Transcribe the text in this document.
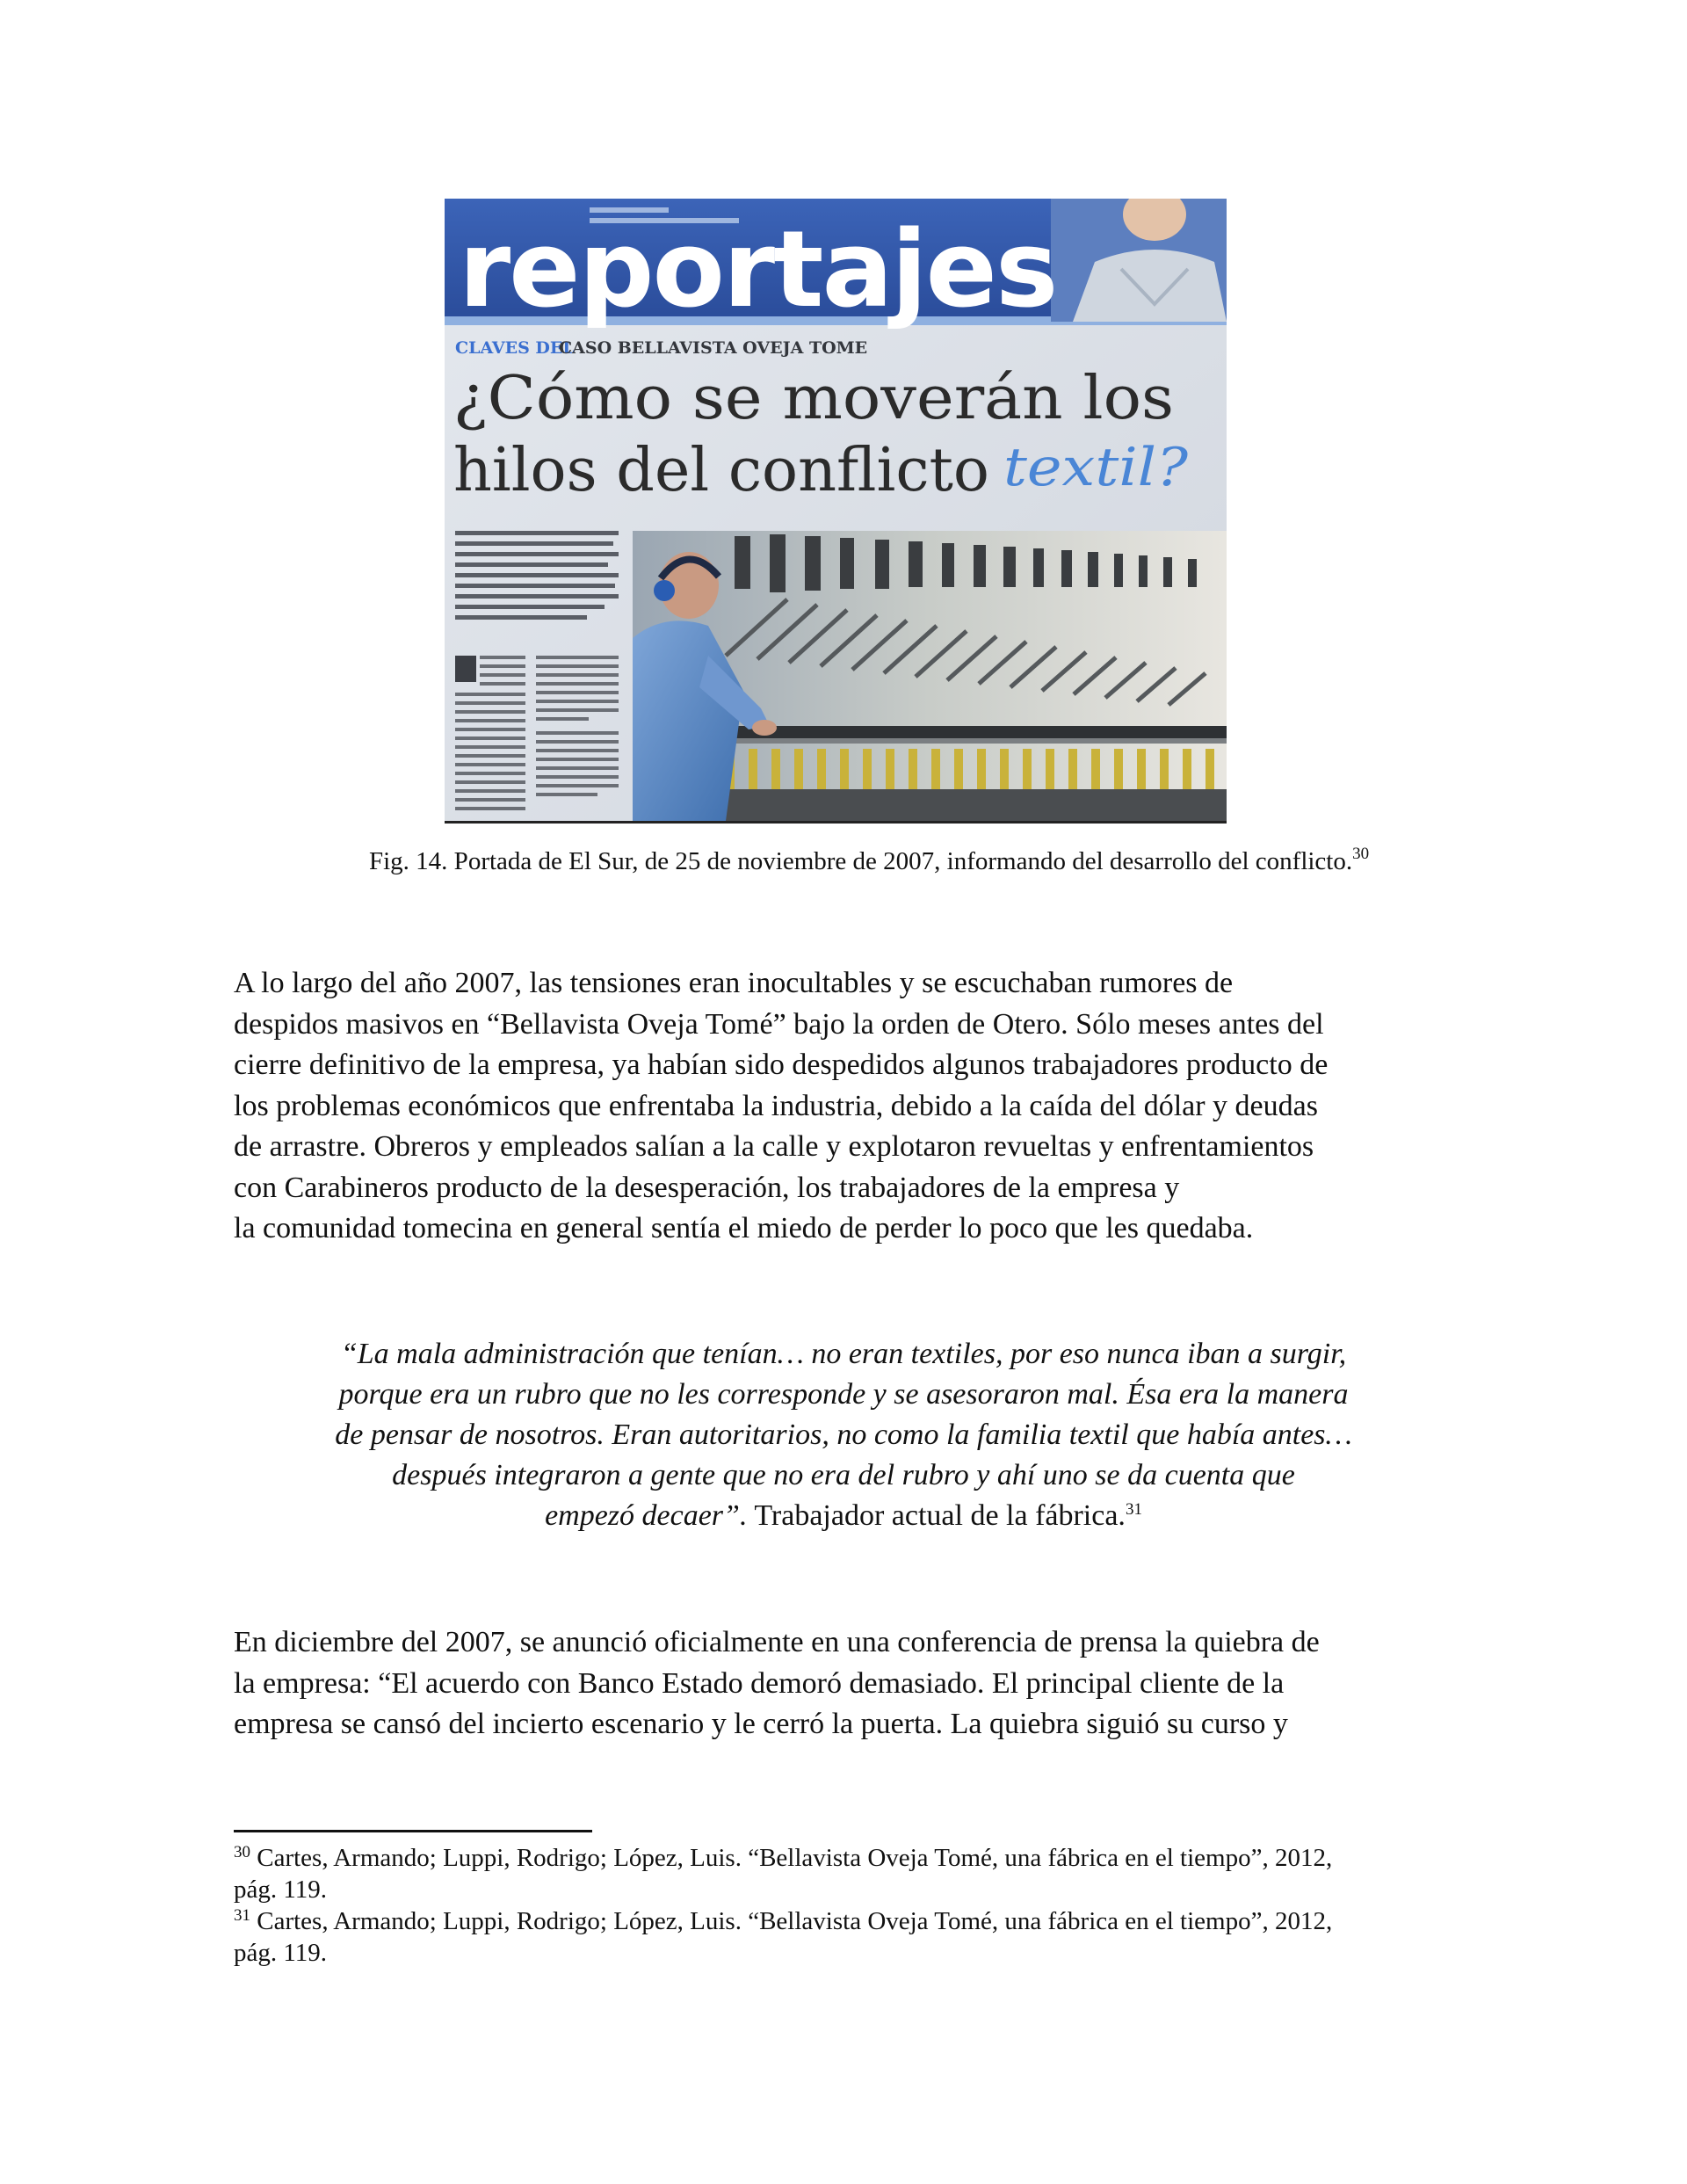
reportajes
CLAVES DEL
CASO BELLAVISTA OVEJA TOME
¿Cómo se moverán los
hilos del conflicto textil?
Fig. 14. Portada de El Sur, de 25 de noviembre de 2007, informando del desarrollo del conflicto.$^{30}$
A lo largo del año 2007, las tensiones eran inocultables y se escuchaban rumores de
despidos masivos en “Bellavista Oveja Tomé” bajo la orden de Otero. Sólo meses antes del
cierre definitivo de la empresa, ya habían sido despedidos algunos trabajadores producto de
los problemas económicos que enfrentaba la industria, debido a la caída del dólar y deudas
de arrastre. Obreros y empleados salían a la calle y explotaron revueltas y enfrentamientos
con Carabineros producto de la desesperación, los trabajadores de la empresa y
la comunidad tomecina en general sentía el miedo de perder lo poco que les quedaba.
“La mala administración que tenían… no eran textiles, por eso nunca iban a surgir,
porque era un rubro que no les corresponde y se asesoraron mal. Ésa era la manera
de pensar de nosotros. Eran autoritarios, no como la familia textil que había antes…
después integraron a gente que no era del rubro y ahí uno se da cuenta que
empezó decaer”. Trabajador actual de la fábrica.$^{31}$
En diciembre del 2007, se anunció oficialmente en una conferencia de prensa la quiebra de
la empresa: “El acuerdo con Banco Estado demoró demasiado. El principal cliente de la
empresa se cansó del incierto escenario y le cerró la puerta. La quiebra siguió su curso y
$^{30}$ Cartes, Armando; Luppi, Rodrigo; López, Luis. “Bellavista Oveja Tomé, una fábrica en el tiempo”, 2012,
pág. 119.
$^{31}$ Cartes, Armando; Luppi, Rodrigo; López, Luis. “Bellavista Oveja Tomé, una fábrica en el tiempo”, 2012,
pág. 119.
